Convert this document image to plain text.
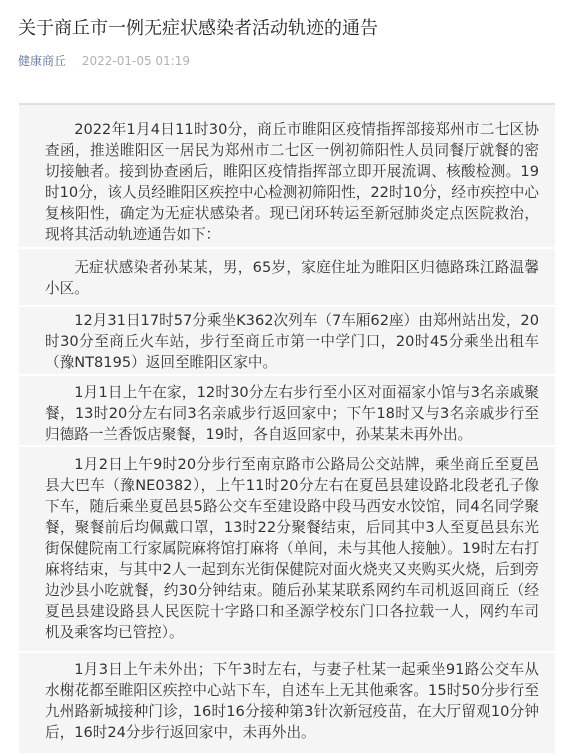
关于商丘市一例无症状感染者活动轨迹的通告
健康商丘 2022-01-05 01:19

2022年1月4日11时30分，商丘市睢阳区疫情指挥部接郑州市二七区协查函，推送睢阳区一居民为郑州市二七区一例初筛阳性人员同餐厅就餐的密切接触者。接到协查函后，睢阳区疫情指挥部立即开展流调、核酸检测。19时10分，该人员经睢阳区疾控中心检测初筛阳性，22时10分，经市疾控中心复核阳性，确定为无症状感染者。现已闭环转运至新冠肺炎定点医院救治，现将其活动轨迹通告如下：

无症状感染者孙某某，男，65岁，家庭住址为睢阳区归德路珠江路温馨小区。

12月31日17时57分乘坐K362次列车（7车厢62座）由郑州站出发，20时30分至商丘火车站，步行至商丘市第一中学门口，20时45分乘坐出租车（豫NT8195）返回至睢阳区家中。

1月1日上午在家，12时30分左右步行至小区对面福家小馆与3名亲戚聚餐，13时20分左右同3名亲戚步行返回家中；下午18时又与3名亲戚步行至归德路一兰香饭店聚餐，19时，各自返回家中，孙某某未再外出。

1月2日上午9时20分步行至南京路市公路局公交站牌，乘坐商丘至夏邑县大巴车（豫NE0382），上午11时20分左右在夏邑县建设路北段老孔子像下车，随后乘坐夏邑县5路公交车至建设路中段马西安水饺馆，同4名同学聚餐，聚餐前后均佩戴口罩，13时22分聚餐结束，后同其中3人至夏邑县东光街保健院南工行家属院麻将馆打麻将（单间，未与其他人接触）。19时左右打麻将结束，与其中2人一起到东光街保健院对面火烧夹又夹购买火烧，后到旁边沙县小吃就餐，约30分钟结束。随后孙某某联系网约车司机返回商丘（经夏邑县建设路县人民医院十字路口和圣源学校东门口各拉载一人，网约车司机及乘客均已管控）。

1月3日上午未外出；下午3时左右，与妻子杜某一起乘坐91路公交车从水榭花都至睢阳区疾控中心站下车，自述车上无其他乘客。15时50分步行至九州路新城接种门诊，16时16分接种第3针次新冠疫苗，在大厅留观10分钟后，16时24分步行返回家中，未再外出。
